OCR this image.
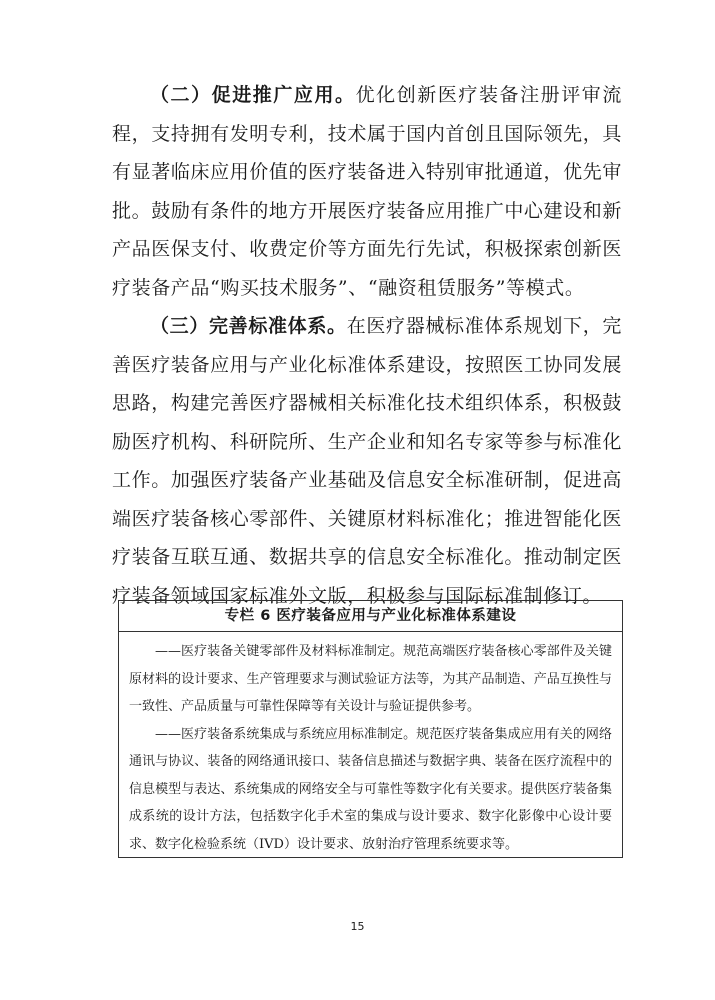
（二）促进推广应用。优化创新医疗装备注册评审流程，支持拥有发明专利，技术属于国内首创且国际领先，具有显著临床应用价值的医疗装备进入特别审批通道，优先审批。鼓励有条件的地方开展医疗装备应用推广中心建设和新产品医保支付、收费定价等方面先行先试，积极探索创新医疗装备产品“购买技术服务”、“融资租赁服务”等模式。

（三）完善标准体系。在医疗器械标准体系规划下，完善医疗装备应用与产业化标准体系建设，按照医工协同发展思路，构建完善医疗器械相关标准化技术组织体系，积极鼓励医疗机构、科研院所、生产企业和知名专家等参与标准化工作。加强医疗装备产业基础及信息安全标准研制，促进高端医疗装备核心零部件、关键原材料标准化；推进智能化医疗装备互联互通、数据共享的信息安全标准化。推动制定医疗装备领域国家标准外文版，积极参与国际标准制修订。

专栏 6 医疗装备应用与产业化标准体系建设

——医疗装备关键零部件及材料标准制定。规范高端医疗装备核心零部件及关键原材料的设计要求、生产管理要求与测试验证方法等，为其产品制造、产品互换性与一致性、产品质量与可靠性保障等有关设计与验证提供参考。

——医疗装备系统集成与系统应用标准制定。规范医疗装备集成应用有关的网络通讯与协议、装备的网络通讯接口、装备信息描述与数据字典、装备在医疗流程中的信息模型与表达、系统集成的网络安全与可靠性等数字化有关要求。提供医疗装备集成系统的设计方法，包括数字化手术室的集成与设计要求、数字化影像中心设计要求、数字化检验系统（IVD）设计要求、放射治疗管理系统要求等。

15
